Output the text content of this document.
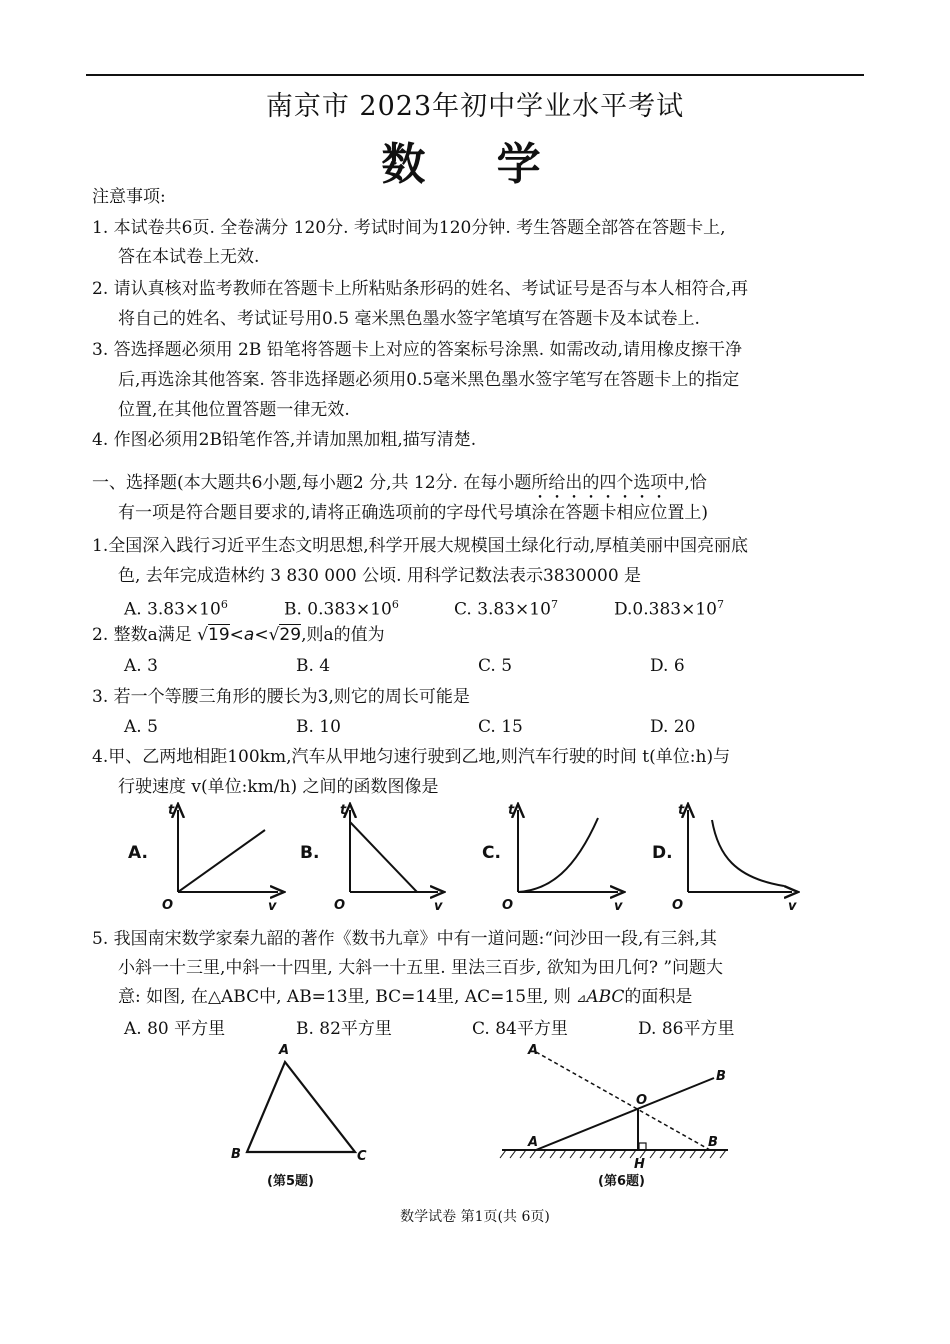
南京市 2023年初中学业水平考试
数 学
注意事项:
1. 本试卷共6页. 全卷满分 120分. 考试时间为120分钟. 考生答题全部答在答题卡上,
答在本试卷上无效.
2. 请认真核对监考教师在答题卡上所粘贴条形码的姓名、考试证号是否与本人相符合,再
将自己的姓名、考试证号用0.5 毫米黑色墨水签字笔填写在答题卡及本试卷上.
3. 答选择题必须用 2B 铅笔将答题卡上对应的答案标号涂黑. 如需改动,请用橡皮擦干净
后,再选涂其他答案. 答非选择题必须用0.5毫米黑色墨水签字笔写在答题卡上的指定
位置,在其他位置答题一律无效.
4. 作图必须用2B铅笔作答,并请加黑加粗,描写清楚.
一、选择题(本大题共6小题,每小题2 分,共 12分. 在每小题所给出的四个选项中,恰
有一项是符合题目要求的,请将正确选项前的字母代号填涂在答题卡相应位置上)
1.全国深入践行习近平生态文明思想,科学开展大规模国土绿化行动,厚植美丽中国亮丽底
色, 去年完成造林约 3 830 000 公顷. 用科学记数法表示3830000 是
A. $3.83\times 10^6$	B. $0.383\times 10^6$	C. $3.83\times 10^7$	$D.0.383\times 10^7$
2. 整数a满足 √19<a<√29,则a的值为
A. 3	B. 4	C. 5	D. 6
3. 若一个等腰三角形的腰长为3,则它的周长可能是
A. 5	B. 10	C. 15	D. 20
4.甲、乙两地相距100km,汽车从甲地匀速行驶到乙地,则汽车行驶的时间 t(单位:h)与
行驶速度 v(单位:km/h) 之间的函数图像是
A.	B.	C.	D.
t
v
O
t
v
O
t
v
O
t
v
O
5. 我国南宋数学家秦九韶的著作《数书九章》中有一道问题:“问沙田一段,有三斜,其
小斜一十三里,中斜一十四里, 大斜一十五里. 里法三百步, 欲知为田几何? ”问题大
意: 如图, 在△ABC中, AB=13里, BC=14里, AC=15里, 则 ⊿ABC的面积是
A. 80 平方里	B. 82平方里	C. 84平方里	D. 86平方里
A
B	C
(第5题)
A
O
B
A
H
B
(第6题)
数学试卷 第1页(共 6页)
